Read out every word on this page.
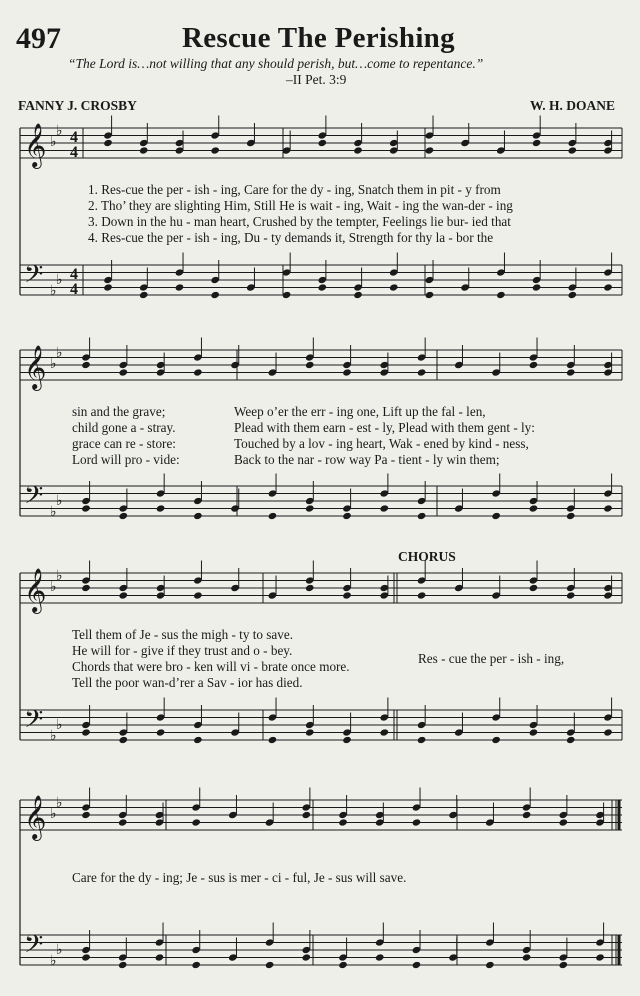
497	Rescue The Perishing
“The Lord is…not willing that any should perish, but…come to repentance.”
–II Pet. 3:9
FANNY J. CROSBY	W. H. DOANE
CHORUS
1. Res-cue the per - ish - ing, Care for the dy - ing, Snatch them in pit - y from
2. Tho’ they are slighting Him, Still He is wait - ing, Wait - ing the wan-der - ing
3. Down in the hu - man heart, Crushed by the tempter, Feelings lie bur- ied that
4. Res-cue the per - ish - ing, Du - ty demands it, Strength for thy la - bor the
sin and the grave;
child gone a - stray.
grace can re - store:
Lord will pro - vide:
Weep o’er the err - ing one, Lift up the fal - len,
Plead with them earn - est - ly, Plead with them gent - ly:
Touched by a lov - ing heart, Wak - ened by kind - ness,
Back to the nar - row way Pa - tient - ly win them;
Tell them of Je - sus the migh - ty to save.
He will for - give if they trust and o - bey.
Chords that were bro - ken will vi - brate once more.
Tell the poor wan-d’rer a Sav - ior has died.
Res - cue the per - ish - ing,
Care for the dy - ing; Je - sus is mer - ci - ful, Je - sus will save.
𝄞
𝄢
♭
♭
♭
♭
4
4
4
4
𝄞
𝄢
♭
♭
♭
♭
𝄞
𝄢
♭
♭
♭
♭
𝄞
𝄢
♭
♭
♭
♭
